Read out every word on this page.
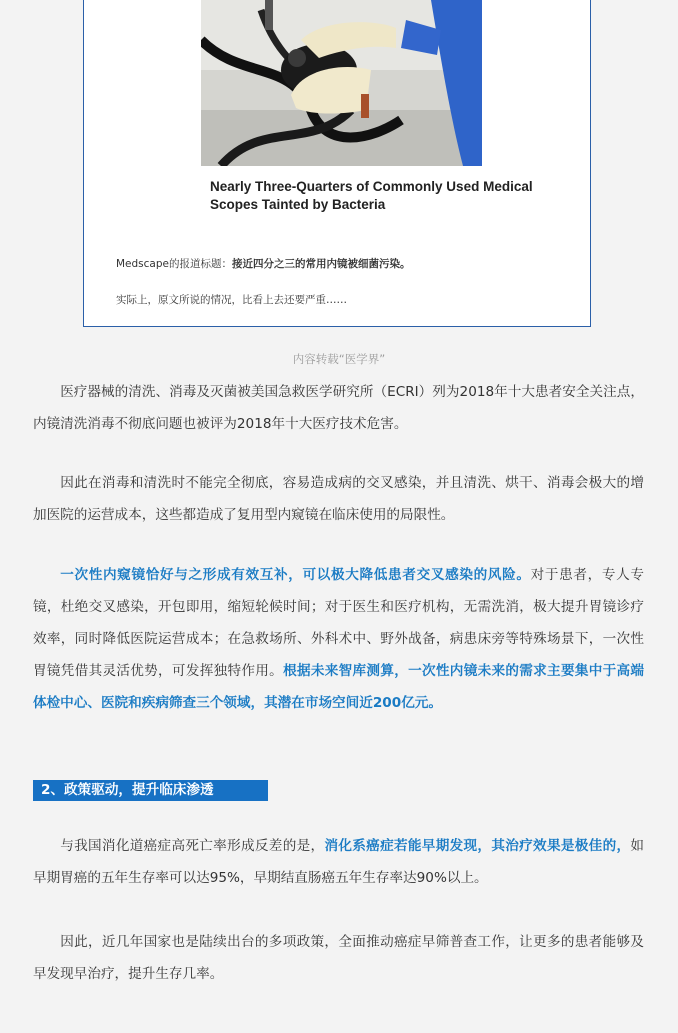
Nearly Three-Quarters of Commonly Used Medical Scopes Tainted by Bacteria
Medscape的报道标题：接近四分之三的常用内镜被细菌污染。
实际上，原文所说的情况，比看上去还要严重……
内容转载“医学界”
医疗器械的清洗、消毒及灭菌被美国急救医学研究所（ECRI）列为2018年十大患者安全关注点，内镜清洗消毒不彻底问题也被评为2018年十大医疗技术危害。
因此在消毒和清洗时不能完全彻底，容易造成病的交叉感染，并且清洗、烘干、消毒会极大的增加医院的运营成本，这些都造成了复用型内窥镜在临床使用的局限性。
一次性内窥镜恰好与之形成有效互补，可以极大降低患者交叉感染的风险。对于患者，专人专镜，杜绝交叉感染，开包即用，缩短轮候时间；对于医生和医疗机构，无需洗消，极大提升胃镜诊疗效率，同时降低医院运营成本；在急救场所、外科术中、野外战备，病患床旁等特殊场景下，一次性胃镜凭借其灵活优势，可发挥独特作用。根据未来智库测算，一次性内镜未来的需求主要集中于高端体检中心、医院和疾病筛查三个领域，其潜在市场空间近200亿元。
2、政策驱动，提升临床渗透
与我国消化道癌症高死亡率形成反差的是，消化系癌症若能早期发现，其治疗效果是极佳的，如早期胃癌的五年生存率可以达95%，早期结直肠癌五年生存率达90%以上。
因此，近几年国家也是陆续出台的多项政策，全面推动癌症早筛普查工作，让更多的患者能够及早发现早治疗，提升生存几率。
